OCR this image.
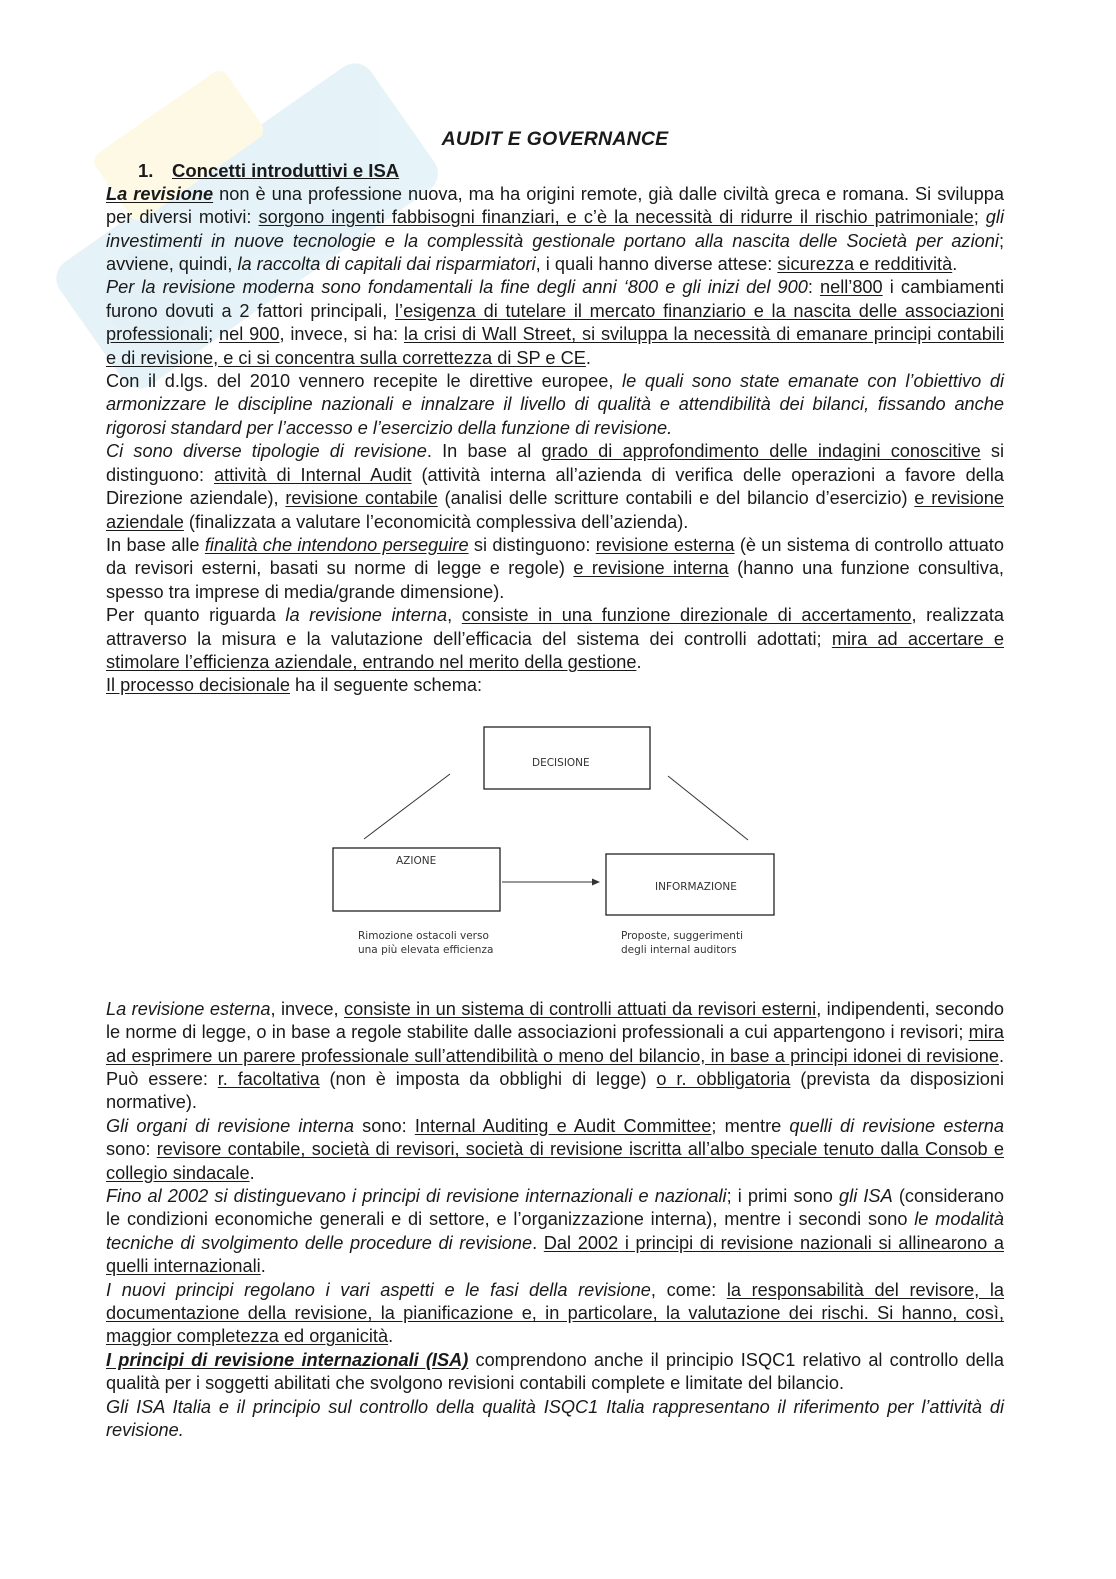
AUDIT E GOVERNANCE
1. Concetti introduttivi e ISA

La revisione non è una professione nuova, ma ha origini remote, già dalle civiltà greca e romana. Si sviluppa per diversi motivi: sorgono ingenti fabbisogni finanziari, e c’è la necessità di ridurre il rischio patrimoniale; gli investimenti in nuove tecnologie e la complessità gestionale portano alla nascita delle Società per azioni; avviene, quindi, la raccolta di capitali dai risparmiatori, i quali hanno diverse attese: sicurezza e redditività.

Per la revisione moderna sono fondamentali la fine degli anni ‘800 e gli inizi del 900: nell’800 i cambiamenti furono dovuti a 2 fattori principali, l’esigenza di tutelare il mercato finanziario e la nascita delle associazioni professionali; nel 900, invece, si ha: la crisi di Wall Street, si sviluppa la necessità di emanare principi contabili e di revisione, e ci si concentra sulla correttezza di SP e CE.

Con il d.lgs. del 2010 vennero recepite le direttive europee, le quali sono state emanate con l’obiettivo di armonizzare le discipline nazionali e innalzare il livello di qualità e attendibilità dei bilanci, fissando anche rigorosi standard per l’accesso e l’esercizio della funzione di revisione.

Ci sono diverse tipologie di revisione. In base al grado di approfondimento delle indagini conoscitive si distinguono: attività di Internal Audit (attività interna all’azienda di verifica delle operazioni a favore della Direzione aziendale), revisione contabile (analisi delle scritture contabili e del bilancio d’esercizio) e revisione aziendale (finalizzata a valutare l’economicità complessiva dell’azienda).

In base alle finalità che intendono perseguire si distinguono: revisione esterna (è un sistema di controllo attuato da revisori esterni, basati su norme di legge e regole) e revisione interna (hanno una funzione consultiva, spesso tra imprese di media/grande dimensione).

Per quanto riguarda la revisione interna, consiste in una funzione direzionale di accertamento, realizzata attraverso la misura e la valutazione dell’efficacia del sistema dei controlli adottati; mira ad accertare e stimolare l’efficienza aziendale, entrando nel merito della gestione.

Il processo decisionale ha il seguente schema:

DECISIONE
AZIONE
INFORMAZIONE
Rimozione ostacoli verso
una più elevata efficienza
Proposte, suggerimenti
degli internal auditors

La revisione esterna, invece, consiste in un sistema di controlli attuati da revisori esterni, indipendenti, secondo le norme di legge, o in base a regole stabilite dalle associazioni professionali a cui appartengono i revisori; mira ad esprimere un parere professionale sull’attendibilità o meno del bilancio, in base a principi idonei di revisione. Può essere: r. facoltativa (non è imposta da obblighi di legge) o r. obbligatoria (prevista da disposizioni normative).

Gli organi di revisione interna sono: Internal Auditing e Audit Committee; mentre quelli di revisione esterna sono: revisore contabile, società di revisori, società di revisione iscritta all’albo speciale tenuto dalla Consob e collegio sindacale.

Fino al 2002 si distinguevano i principi di revisione internazionali e nazionali; i primi sono gli ISA (considerano le condizioni economiche generali e di settore, e l’organizzazione interna), mentre i secondi sono le modalità tecniche di svolgimento delle procedure di revisione. Dal 2002 i principi di revisione nazionali si allinearono a quelli internazionali.

I nuovi principi regolano i vari aspetti e le fasi della revisione, come: la responsabilità del revisore, la documentazione della revisione, la pianificazione e, in particolare, la valutazione dei rischi. Si hanno, così, maggior completezza ed organicità.

I principi di revisione internazionali (ISA) comprendono anche il principio ISQC1 relativo al controllo della qualità per i soggetti abilitati che svolgono revisioni contabili complete e limitate del bilancio.

Gli ISA Italia e il principio sul controllo della qualità ISQC1 Italia rappresentano il riferimento per l’attività di revisione.
